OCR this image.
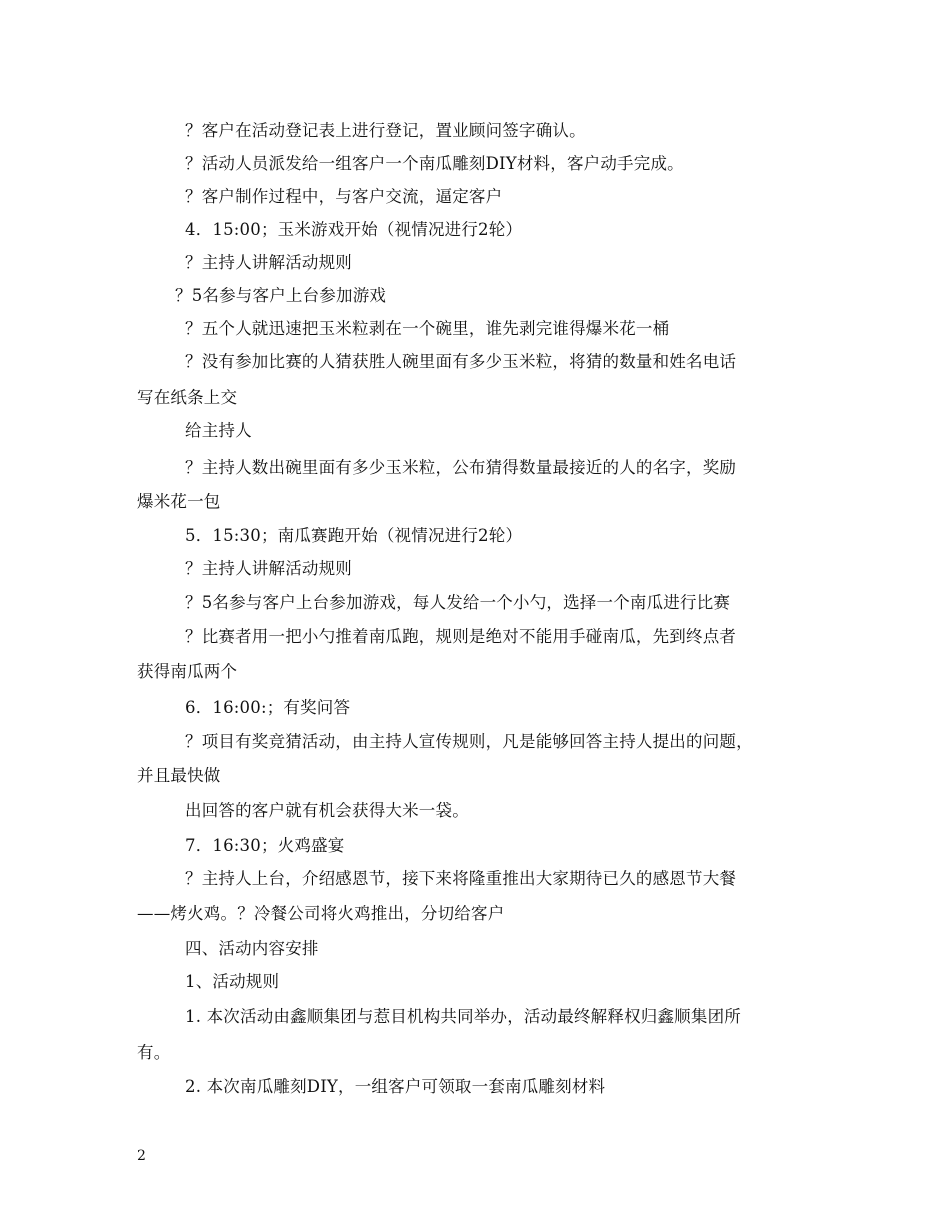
？客户在活动登记表上进行登记，置业顾问签字确认。
？活动人员派发给一组客户一个南瓜雕刻DIY材料，客户动手完成。
？客户制作过程中，与客户交流，逼定客户
4．15:00；玉米游戏开始（视情况进行2轮）
？主持人讲解活动规则
？5名参与客户上台参加游戏
？五个人就迅速把玉米粒剥在一个碗里，谁先剥完谁得爆米花一桶
？没有参加比赛的人猜获胜人碗里面有多少玉米粒，将猜的数量和姓名电话
写在纸条上交
给主持人
？主持人数出碗里面有多少玉米粒，公布猜得数量最接近的人的名字，奖励
爆米花一包
5．15:30；南瓜赛跑开始（视情况进行2轮）
？主持人讲解活动规则
？5名参与客户上台参加游戏，每人发给一个小勺，选择一个南瓜进行比赛
？比赛者用一把小勺推着南瓜跑，规则是绝对不能用手碰南瓜，先到终点者
获得南瓜两个
6．16:00:；有奖问答
？项目有奖竞猜活动，由主持人宣传规则，凡是能够回答主持人提出的问题，
并且最快做
出回答的客户就有机会获得大米一袋。
7．16:30；火鸡盛宴
？主持人上台，介绍感恩节，接下来将隆重推出大家期待已久的感恩节大餐
——烤火鸡。？冷餐公司将火鸡推出，分切给客户
四、活动内容安排
1、活动规则
1. 本次活动由鑫顺集团与惹目机构共同举办，活动最终解释权归鑫顺集团所
有。
2. 本次南瓜雕刻DIY，一组客户可领取一套南瓜雕刻材料
2
